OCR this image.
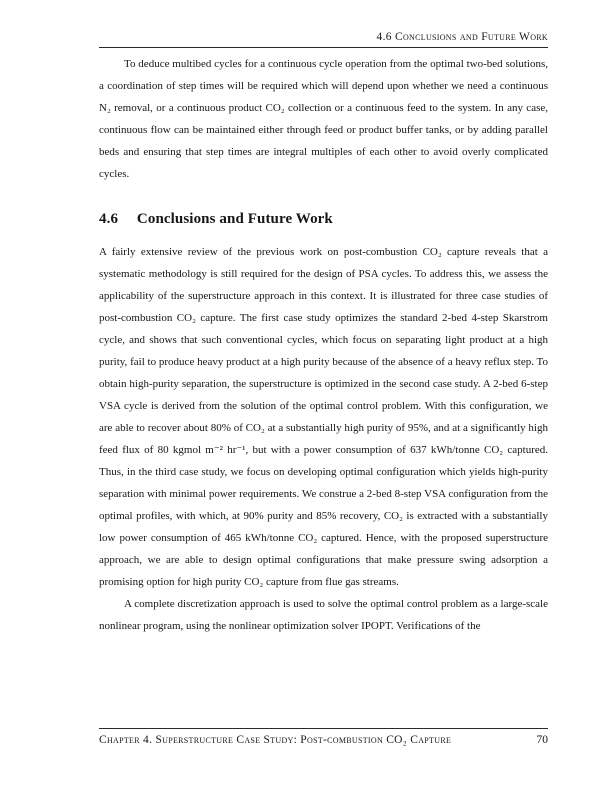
4.6 Conclusions and Future Work

To deduce multibed cycles for a continuous cycle operation from the optimal two-bed solutions, a coordination of step times will be required which will depend upon whether we need a continuous N₂ removal, or a continuous product CO₂ collection or a continuous feed to the system. In any case, continuous flow can be maintained either through feed or product buffer tanks, or by adding parallel beds and ensuring that step times are integral multiples of each other to avoid overly complicated cycles.

4.6 Conclusions and Future Work

A fairly extensive review of the previous work on post-combustion CO₂ capture reveals that a systematic methodology is still required for the design of PSA cycles. To address this, we assess the applicability of the superstructure approach in this context. It is illustrated for three case studies of post-combustion CO₂ capture. The first case study optimizes the standard 2-bed 4-step Skarstrom cycle, and shows that such conventional cycles, which focus on separating light product at a high purity, fail to produce heavy product at a high purity because of the absence of a heavy reflux step. To obtain high-purity separation, the superstructure is optimized in the second case study. A 2-bed 6-step VSA cycle is derived from the solution of the optimal control problem. With this configuration, we are able to recover about 80% of CO₂ at a substantially high purity of 95%, and at a significantly high feed flux of 80 kgmol m⁻² hr⁻¹, but with a power consumption of 637 kWh/tonne CO₂ captured. Thus, in the third case study, we focus on developing optimal configuration which yields high-purity separation with minimal power requirements. We construe a 2-bed 8-step VSA configuration from the optimal profiles, with which, at 90% purity and 85% recovery, CO₂ is extracted with a substantially low power consumption of 465 kWh/tonne CO₂ captured. Hence, with the proposed superstructure approach, we are able to design optimal configurations that make pressure swing adsorption a promising option for high purity CO₂ capture from flue gas streams.

A complete discretization approach is used to solve the optimal control problem as a large-scale nonlinear program, using the nonlinear optimization solver IPOPT. Verifications of the

Chapter 4. Superstructure Case Study: Post-combustion CO₂ Capture	70
